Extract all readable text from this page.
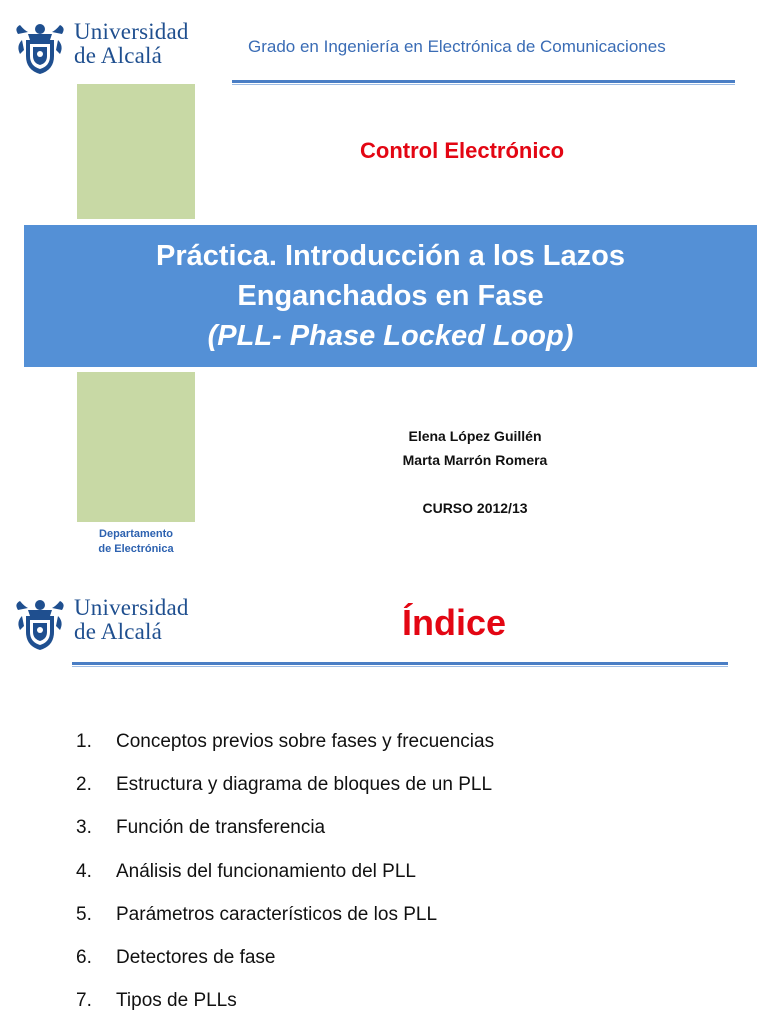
Universidad
de Alcalá	Grado en Ingeniería en Electrónica de Comunicaciones
Control Electrónico
Práctica. Introducción a los Lazos
Enganchados en Fase
(PLL- Phase Locked Loop)
Elena López Guillén
Marta Marrón Romera
CURSO 2012/13
Departamento
de Electrónica
Universidad
de Alcalá	Índice
1.	Conceptos previos sobre fases y frecuencias
2.	Estructura y diagrama de bloques de un PLL
3.	Función de transferencia
4.	Análisis del funcionamiento del PLL
5.	Parámetros característicos de los PLL
6.	Detectores de fase
7.	Tipos de PLLs
